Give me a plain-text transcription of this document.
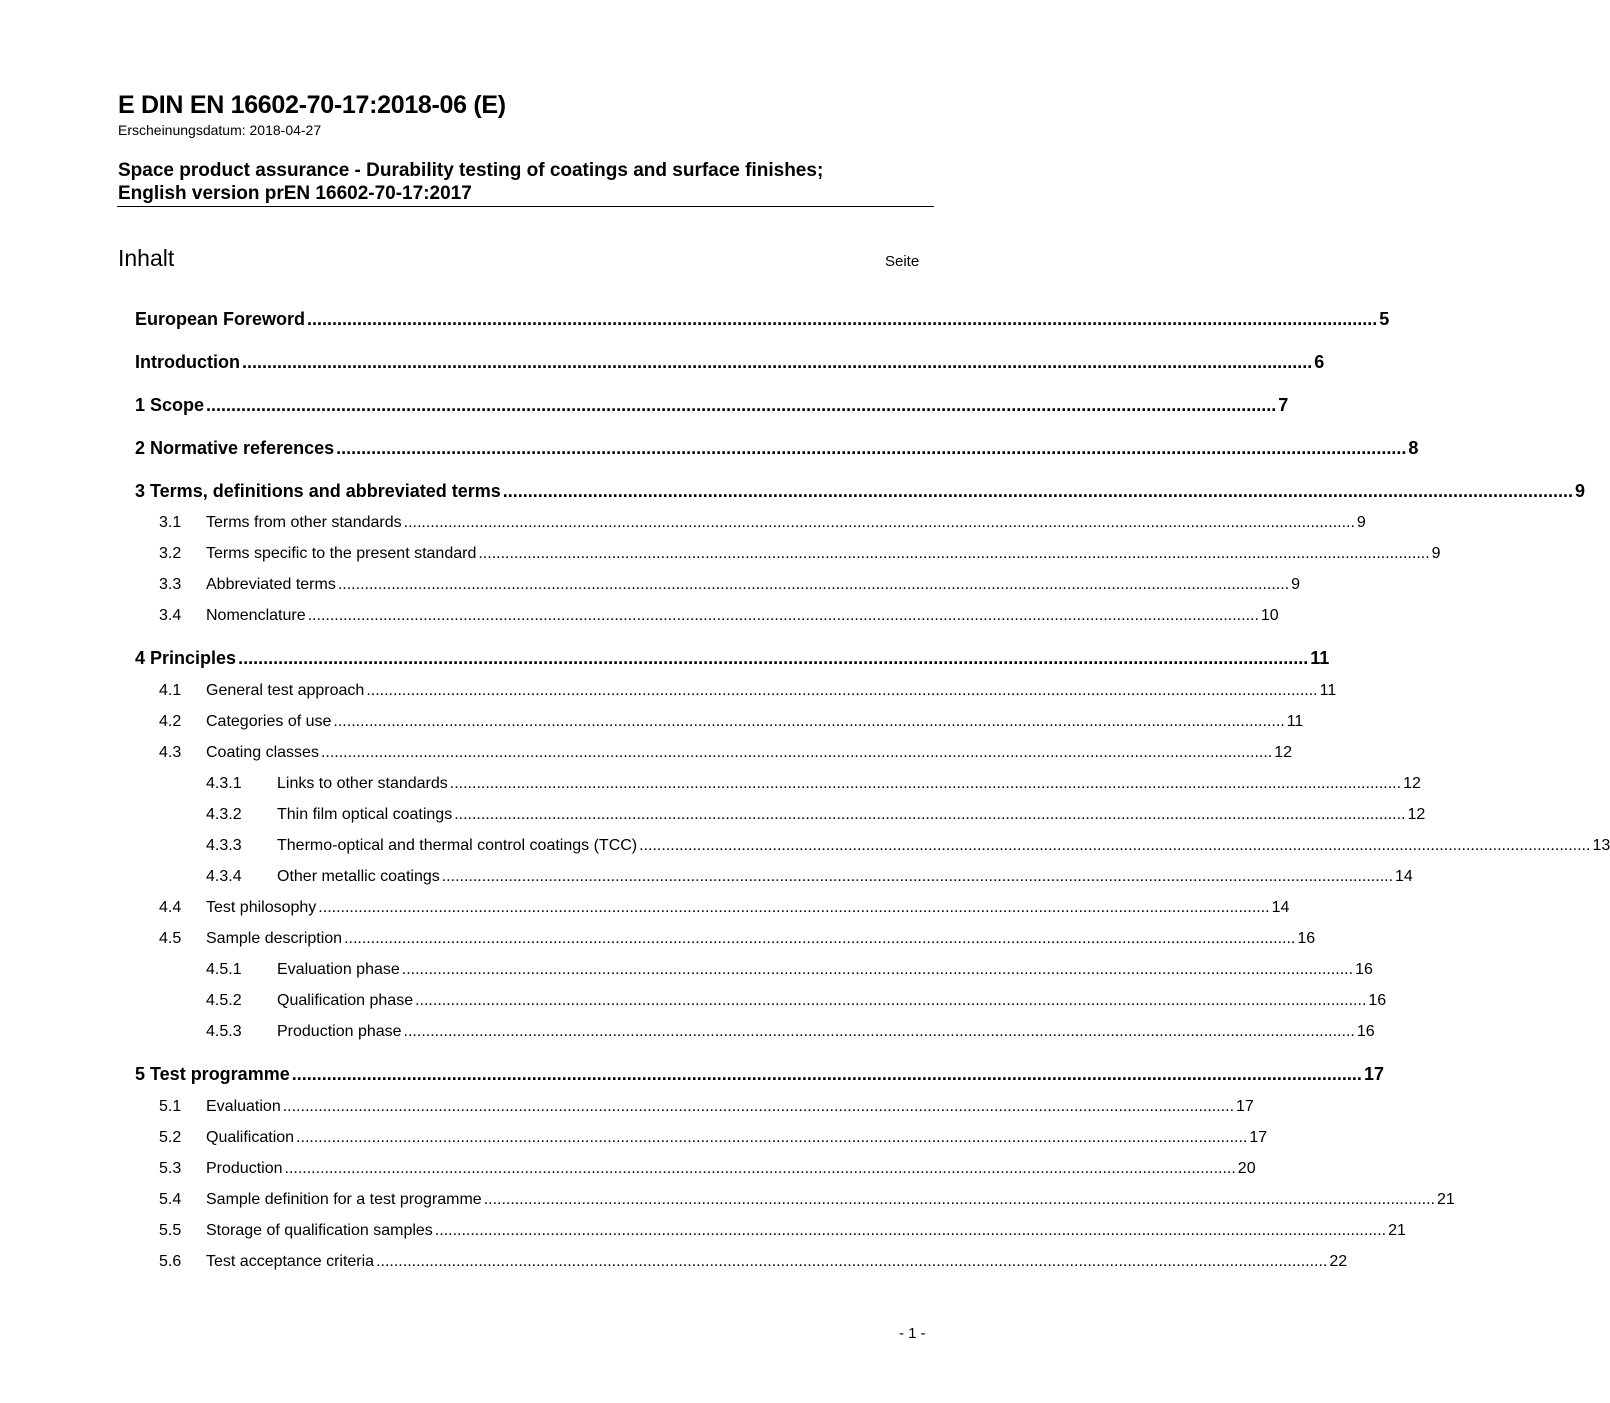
E DIN EN 16602-70-17:2018-06 (E)
Erscheinungsdatum: 2018-04-27
Space product assurance - Durability testing of coatings and surface finishes;
English version prEN 16602-70-17:2017
Inhalt	Seite
European Foreword ...................................................................................................................................................................................................................... 5
Introduction ...................................................................................................................................................................................................................... 6
1 Scope ...................................................................................................................................................................................................................... 7
2 Normative references ...................................................................................................................................................................................................................... 8
3 Terms, definitions and abbreviated terms ...................................................................................................................................................................................................................... 9
3.1	Terms from other standards ...................................................................................................................................................................................................................... 9
3.2	Terms specific to the present standard ...................................................................................................................................................................................................................... 9
3.3	Abbreviated terms ...................................................................................................................................................................................................................... 9
3.4	Nomenclature ...................................................................................................................................................................................................................... 10
4 Principles ...................................................................................................................................................................................................................... 11
4.1	General test approach ...................................................................................................................................................................................................................... 11
4.2	Categories of use ...................................................................................................................................................................................................................... 11
4.3	Coating classes ...................................................................................................................................................................................................................... 12
4.3.1	Links to other standards ...................................................................................................................................................................................................................... 12
4.3.2	Thin film optical coatings ...................................................................................................................................................................................................................... 12
4.3.3	Thermo-optical and thermal control coatings (TCC) ...................................................................................................................................................................................................................... 13
4.3.4	Other metallic coatings ...................................................................................................................................................................................................................... 14
4.4	Test philosophy ...................................................................................................................................................................................................................... 14
4.5	Sample description ...................................................................................................................................................................................................................... 16
4.5.1	Evaluation phase ...................................................................................................................................................................................................................... 16
4.5.2	Qualification phase ...................................................................................................................................................................................................................... 16
4.5.3	Production phase ...................................................................................................................................................................................................................... 16
5 Test programme ...................................................................................................................................................................................................................... 17
5.1	Evaluation ...................................................................................................................................................................................................................... 17
5.2	Qualification ...................................................................................................................................................................................................................... 17
5.3	Production ...................................................................................................................................................................................................................... 20
5.4	Sample definition for a test programme ...................................................................................................................................................................................................................... 21
5.5	Storage of qualification samples ...................................................................................................................................................................................................................... 21
5.6	Test acceptance criteria ...................................................................................................................................................................................................................... 22
- 1 -
